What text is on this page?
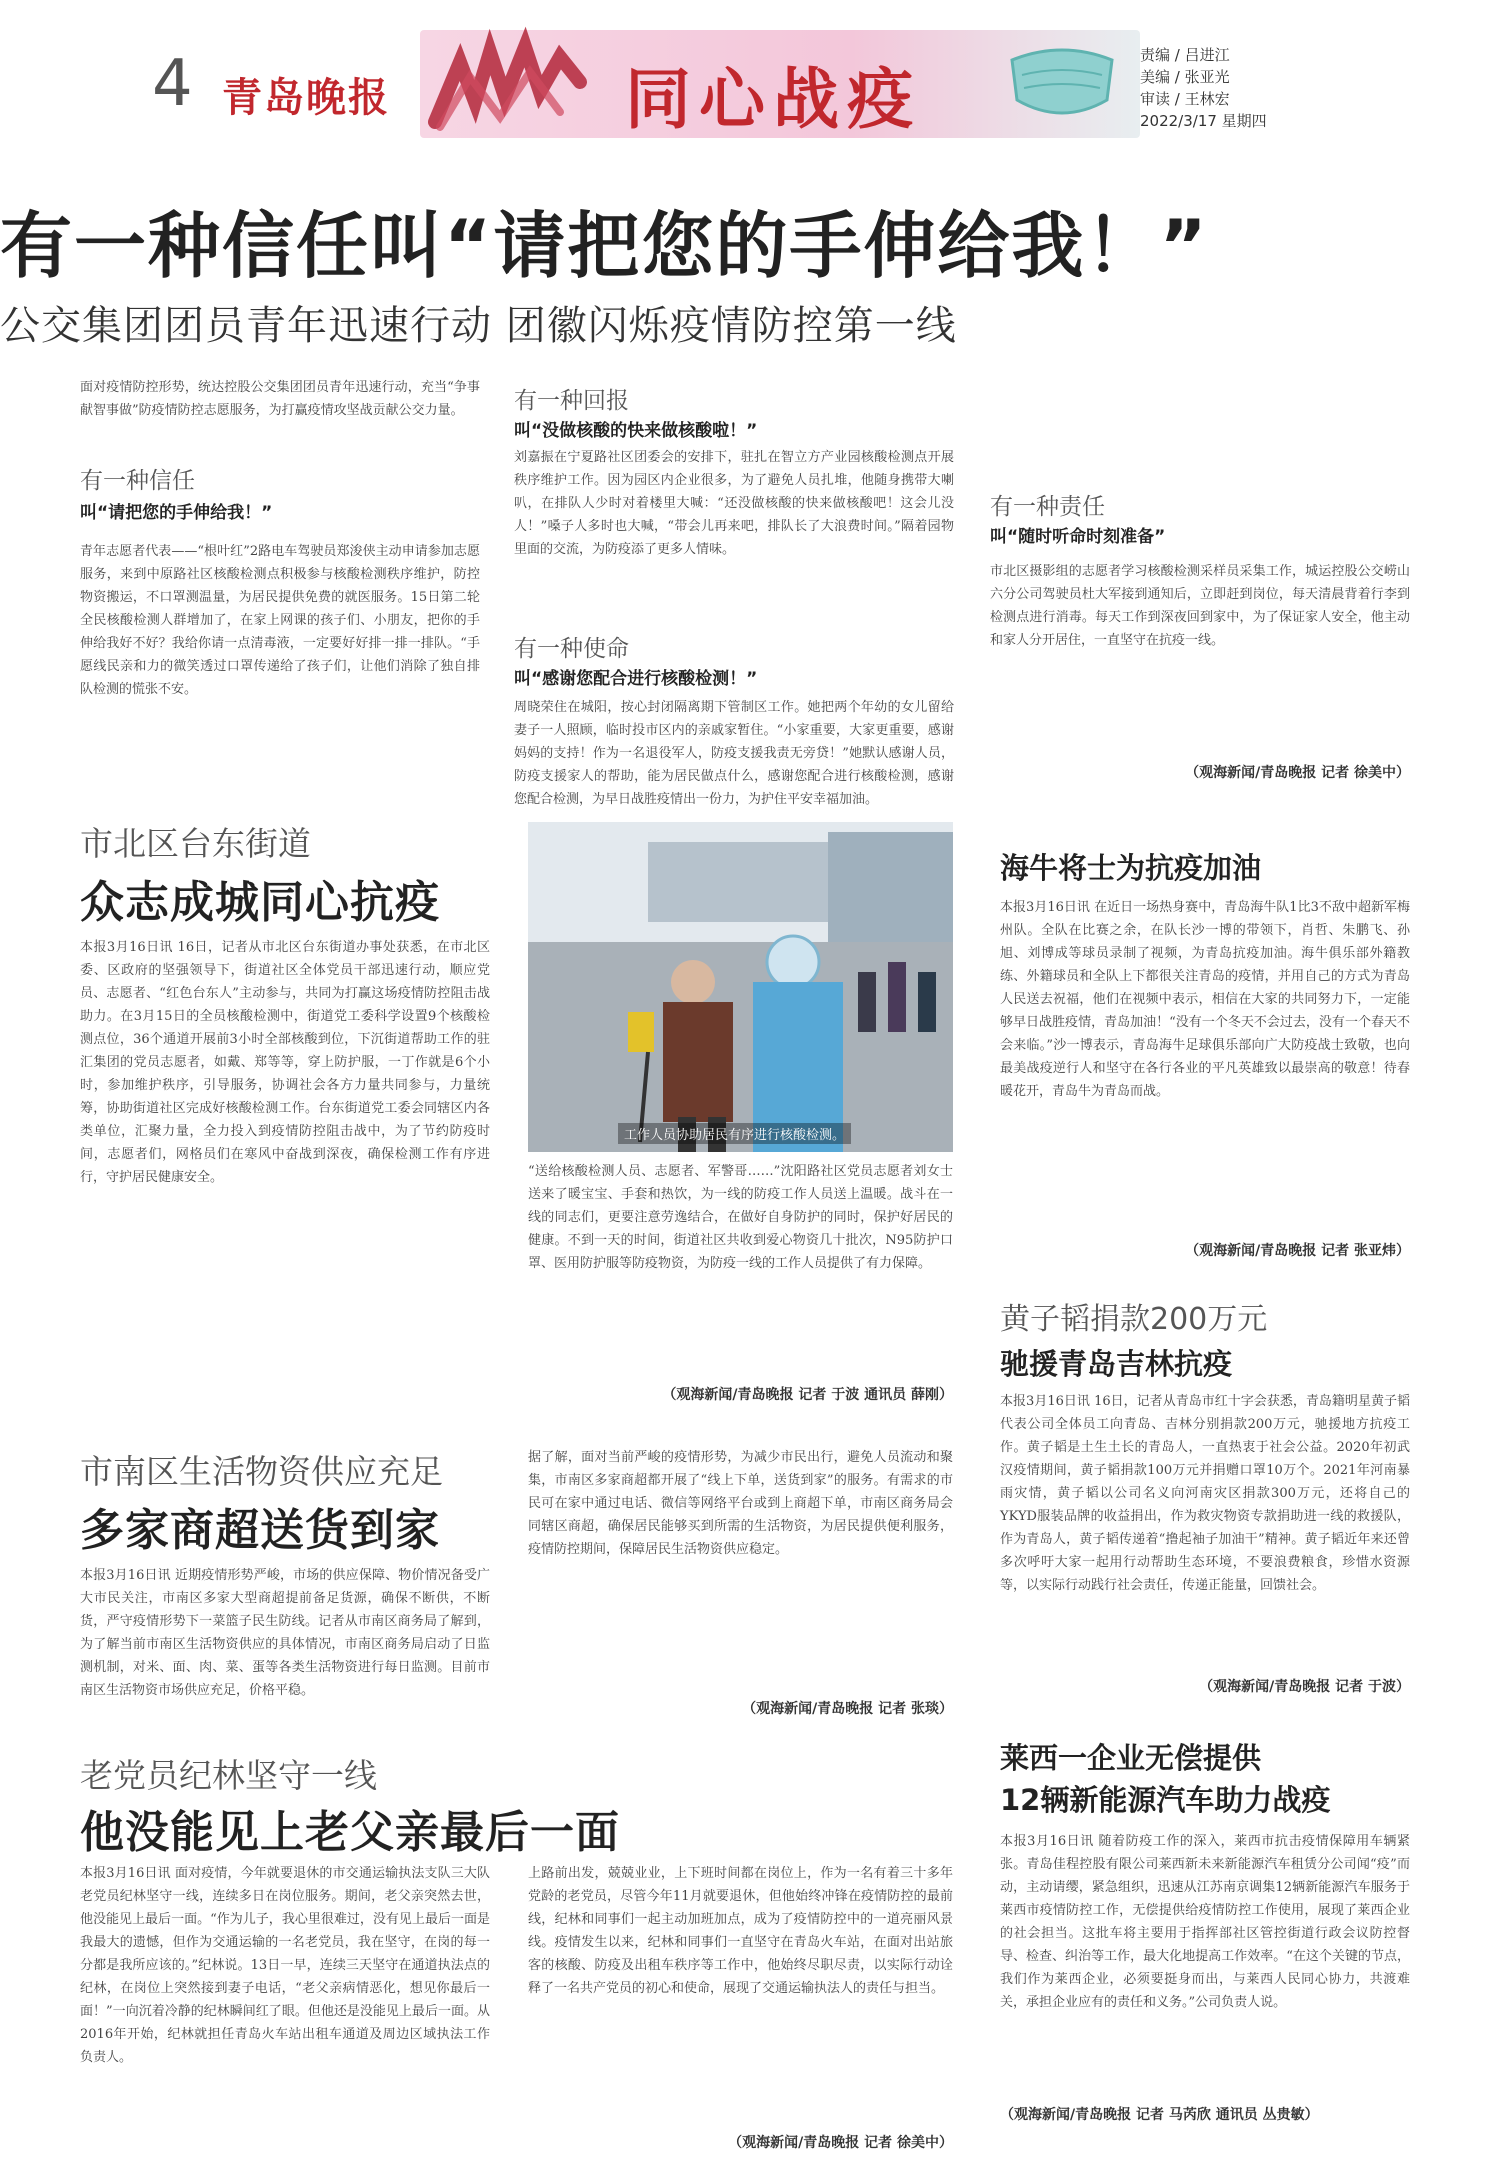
4 青岛晚报	同心战疫
责编 / 吕进江
美编 / 张亚光
审读 / 王林宏
2022/3/17 星期四
有一种信任叫“请把您的手伸给我！”
公交集团团员青年迅速行动 团徽闪烁疫情防控第一线
面对疫情防控形势，统达控股公交集团团员青年迅速行动，充当“争事献智事做”防疫情防控志愿服务，为打赢疫情攻坚战贡献公交力量。
有一种信任
叫“请把您的手伸给我！”
青年志愿者代表——“根叶红”2路电车驾驶员郑浚侠主动申请参加志愿服务，来到中原路社区核酸检测点积极参与核酸检测秩序维护，防控物资搬运，不口罩测温量，为居民提供免费的就医服务。15日第二轮全民核酸检测人群增加了，在家上网课的孩子们、小朋友，把你的手伸给我好不好？我给你请一点清毒液，一定要好好排一排一排队。“手愿线民亲和力的微笑透过口罩传递给了孩子们，让他们消除了独自排队检测的慌张不安。
有一种回报
叫“没做核酸的快来做核酸啦！”
刘嘉振在宁夏路社区团委会的安排下，驻扎在智立方产业园核酸检测点开展秩序维护工作。因为园区内企业很多，为了避免人员扎堆，他随身携带大喇叭，在排队人少时对着楼里大喊：“还没做核酸的快来做核酸吧！这会儿没人！”嗓子人多时也大喊，“带会儿再来吧，排队长了大浪费时间。”隔着园物里面的交流，为防疫添了更多人情味。
有一种使命
叫“感谢您配合进行核酸检测！”
周晓荣住在城阳，按心封闭隔离期下管制区工作。她把两个年幼的女儿留给妻子一人照顾，临时投市区内的亲戚家暂住。“小家重要，大家更重要，感谢妈妈的支持！作为一名退役军人，防疫支援我责无旁贷！”她默认感谢人员，防疫支援家人的帮助，能为居民做点什么，感谢您配合进行核酸检测，感谢您配合检测，为早日战胜疫情出一份力，为护住平安幸福加油。
有一种责任
叫“随时听命时刻准备”
市北区摄影组的志愿者学习核酸检测采样员采集工作，城运控股公交崂山六分公司驾驶员杜大军接到通知后，立即赶到岗位，每天清晨背着行李到检测点进行消毒。每天工作到深夜回到家中，为了保证家人安全，他主动和家人分开居住，一直坚守在抗疫一线。
（观海新闻/青岛晚报 记者 徐美中）
市北区台东街道
众志成城同心抗疫
本报3月16日讯 16日，记者从市北区台东街道办事处获悉，在市北区委、区政府的坚强领导下，街道社区全体党员干部迅速行动，顺应党员、志愿者、“红色台东人”主动参与，共同为打赢这场疫情防控阻击战助力。在3月15日的全员核酸检测中，街道党工委科学设置9个核酸检测点位，36个通道开展前3小时全部核酸到位，下沉街道帮助工作的驻汇集团的党员志愿者，如戴、郑等等，穿上防护服，一丁作就是6个小时，参加维护秩序，引导服务，协调社会各方力量共同参与，力量统筹，协助街道社区完成好核酸检测工作。台东街道党工委会同辖区内各类单位，汇聚力量，全力投入到疫情防控阻击战中，为了节约防疫时间，志愿者们，网格员们在寒风中奋战到深夜，确保检测工作有序进行，守护居民健康安全。
工作人员协助居民有序进行核酸检测。
“送给核酸检测人员、志愿者、军警哥……”沈阳路社区党员志愿者刘女士送来了暖宝宝、手套和热饮，为一线的防疫工作人员送上温暖。战斗在一线的同志们，更要注意劳逸结合，在做好自身防护的同时，保护好居民的健康。不到一天的时间，街道社区共收到爱心物资几十批次，N95防护口罩、医用防护服等防疫物资，为防疫一线的工作人员提供了有力保障。
（观海新闻/青岛晚报 记者 于波 通讯员 薛刚）
海牛将士为抗疫加油
本报3月16日讯 在近日一场热身赛中，青岛海牛队1比3不敌中超新军梅州队。全队在比赛之余，在队长沙一博的带领下，肖哲、朱鹏飞、孙旭、刘博成等球员录制了视频，为青岛抗疫加油。海牛俱乐部外籍教练、外籍球员和全队上下都很关注青岛的疫情，并用自己的方式为青岛人民送去祝福，他们在视频中表示，相信在大家的共同努力下，一定能够早日战胜疫情，青岛加油！“没有一个冬天不会过去，没有一个春天不会来临。”沙一博表示，青岛海牛足球俱乐部向广大防疫战士致敬，也向最美战疫逆行人和坚守在各行各业的平凡英雄致以最崇高的敬意！待春暖花开，青岛牛为青岛而战。
（观海新闻/青岛晚报 记者 张亚炜）
黄子韬捐款200万元
驰援青岛吉林抗疫
本报3月16日讯 16日，记者从青岛市红十字会获悉，青岛籍明星黄子韬代表公司全体员工向青岛、吉林分别捐款200万元，驰援地方抗疫工作。黄子韬是土生土长的青岛人，一直热衷于社会公益。2020年初武汉疫情期间，黄子韬捐款100万元并捐赠口罩10万个。2021年河南暴雨灾情，黄子韬以公司名义向河南灾区捐款300万元，还将自己的YKYD服装品牌的收益捐出，作为救灾物资专款捐助进一线的救援队，作为青岛人，黄子韬传递着“撸起袖子加油干”精神。黄子韬近年来还曾多次呼吁大家一起用行动帮助生态环境，不要浪费粮食，珍惜水资源等，以实际行动践行社会责任，传递正能量，回馈社会。
（观海新闻/青岛晚报 记者 于波）
市南区生活物资供应充足
多家商超送货到家
本报3月16日讯 近期疫情形势严峻，市场的供应保障、物价情况备受广大市民关注，市南区多家大型商超提前备足货源，确保不断供，不断货，严守疫情形势下一菜篮子民生防线。记者从市南区商务局了解到，为了解当前市南区生活物资供应的具体情况，市南区商务局启动了日监测机制，对米、面、肉、菜、蛋等各类生活物资进行每日监测。目前市南区生活物资市场供应充足，价格平稳。
据了解，面对当前严峻的疫情形势，为减少市民出行，避免人员流动和聚集，市南区多家商超都开展了“线上下单，送货到家”的服务。有需求的市民可在家中通过电话、微信等网络平台或到上商超下单，市南区商务局会同辖区商超，确保居民能够买到所需的生活物资，为居民提供便利服务，疫情防控期间，保障居民生活物资供应稳定。
（观海新闻/青岛晚报 记者 张琰）
老党员纪林坚守一线
他没能见上老父亲最后一面
本报3月16日讯 面对疫情，今年就要退休的市交通运输执法支队三大队老党员纪林坚守一线，连续多日在岗位服务。期间，老父亲突然去世，他没能见上最后一面。“作为儿子，我心里很难过，没有见上最后一面是我最大的遗憾，但作为交通运输的一名老党员，我在坚守，在岗的每一分都是我所应该的。”纪林说。13日一早，连续三天坚守在通道执法点的纪林，在岗位上突然接到妻子电话，“老父亲病情恶化，想见你最后一面！”一向沉着冷静的纪林瞬间红了眼。但他还是没能见上最后一面。从2016年开始，纪林就担任青岛火车站出租车通道及周边区域执法工作负责人。
上路前出发，兢兢业业，上下班时间都在岗位上，作为一名有着三十多年党龄的老党员，尽管今年11月就要退休，但他始终冲锋在疫情防控的最前线，纪林和同事们一起主动加班加点，成为了疫情防控中的一道亮丽风景线。疫情发生以来，纪林和同事们一直坚守在青岛火车站，在面对出站旅客的核酸、防疫及出租车秩序等工作中，他始终尽职尽责，以实际行动诠释了一名共产党员的初心和使命，展现了交通运输执法人的责任与担当。
（观海新闻/青岛晚报 记者 徐美中）
莱西一企业无偿提供
12辆新能源汽车助力战疫
本报3月16日讯 随着防疫工作的深入，莱西市抗击疫情保障用车辆紧张。青岛佳程控股有限公司莱西新未来新能源汽车租赁分公司闻“疫”而动，主动请缨，紧急组织，迅速从江苏南京调集12辆新能源汽车服务于莱西市疫情防控工作，无偿提供给疫情防控工作使用，展现了莱西企业的社会担当。这批车将主要用于指挥部社区管控街道行政会议防控督导、检查、纠治等工作，最大化地提高工作效率。“在这个关键的节点，我们作为莱西企业，必须要挺身而出，与莱西人民同心协力，共渡难关，承担企业应有的责任和义务。”公司负责人说。
（观海新闻/青岛晚报 记者 马芮欣 通讯员 丛贵敏）
